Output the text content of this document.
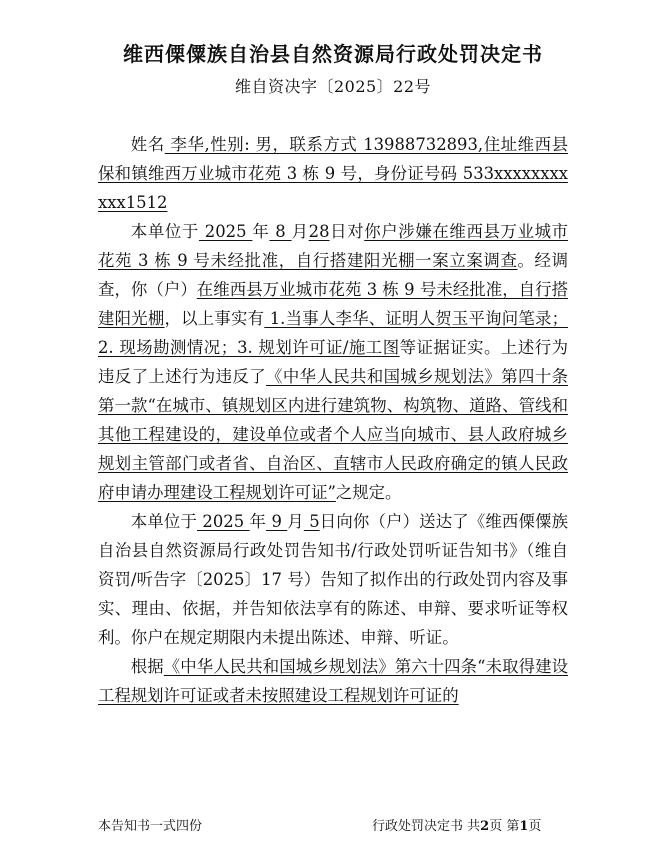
维西傈僳族自治县自然资源局行政处罚决定书
维自资决字〔2025〕22号

姓名 李华,性别: 男，联系方式 13988732893,住址维西县保和镇维西万业城市花苑 3 栋 9 号，身份证号码 533xxxxxxxxxxx1512

本单位于 2025 年 8 月28日对你户涉嫌在维西县万业城市花苑 3 栋 9 号未经批准，自行搭建阳光棚一案立案调查。经调查，你（户）在维西县万业城市花苑 3 栋 9 号未经批准，自行搭建阳光棚，以上事实有 1.当事人李华、证明人贺玉平询问笔录；2. 现场勘测情况；3. 规划许可证/施工图等证据证实。上述行为违反了上述行为违反了《中华人民共和国城乡规划法》第四十条第一款“在城市、镇规划区内进行建筑物、构筑物、道路、管线和其他工程建设的，建设单位或者个人应当向城市、县人政府城乡规划主管部门或者省、自治区、直辖市人民政府确定的镇人民政府申请办理建设工程规划许可证”之规定。

本单位于 2025 年 9 月 5日向你（户）送达了《维西傈僳族自治县自然资源局行政处罚告知书/行政处罚听证告知书》（维自资罚/听告字〔2025〕17 号）告知了拟作出的行政处罚内容及事实、理由、依据，并告知依法享有的陈述、申辩、要求听证等权利。你户在规定期限内未提出陈述、申辩、听证。

根据《中华人民共和国城乡规划法》第六十四条“未取得建设工程规划许可证或者未按照建设工程规划许可证的

本告知书一式四份	行政处罚决定书 共2页 第1页
